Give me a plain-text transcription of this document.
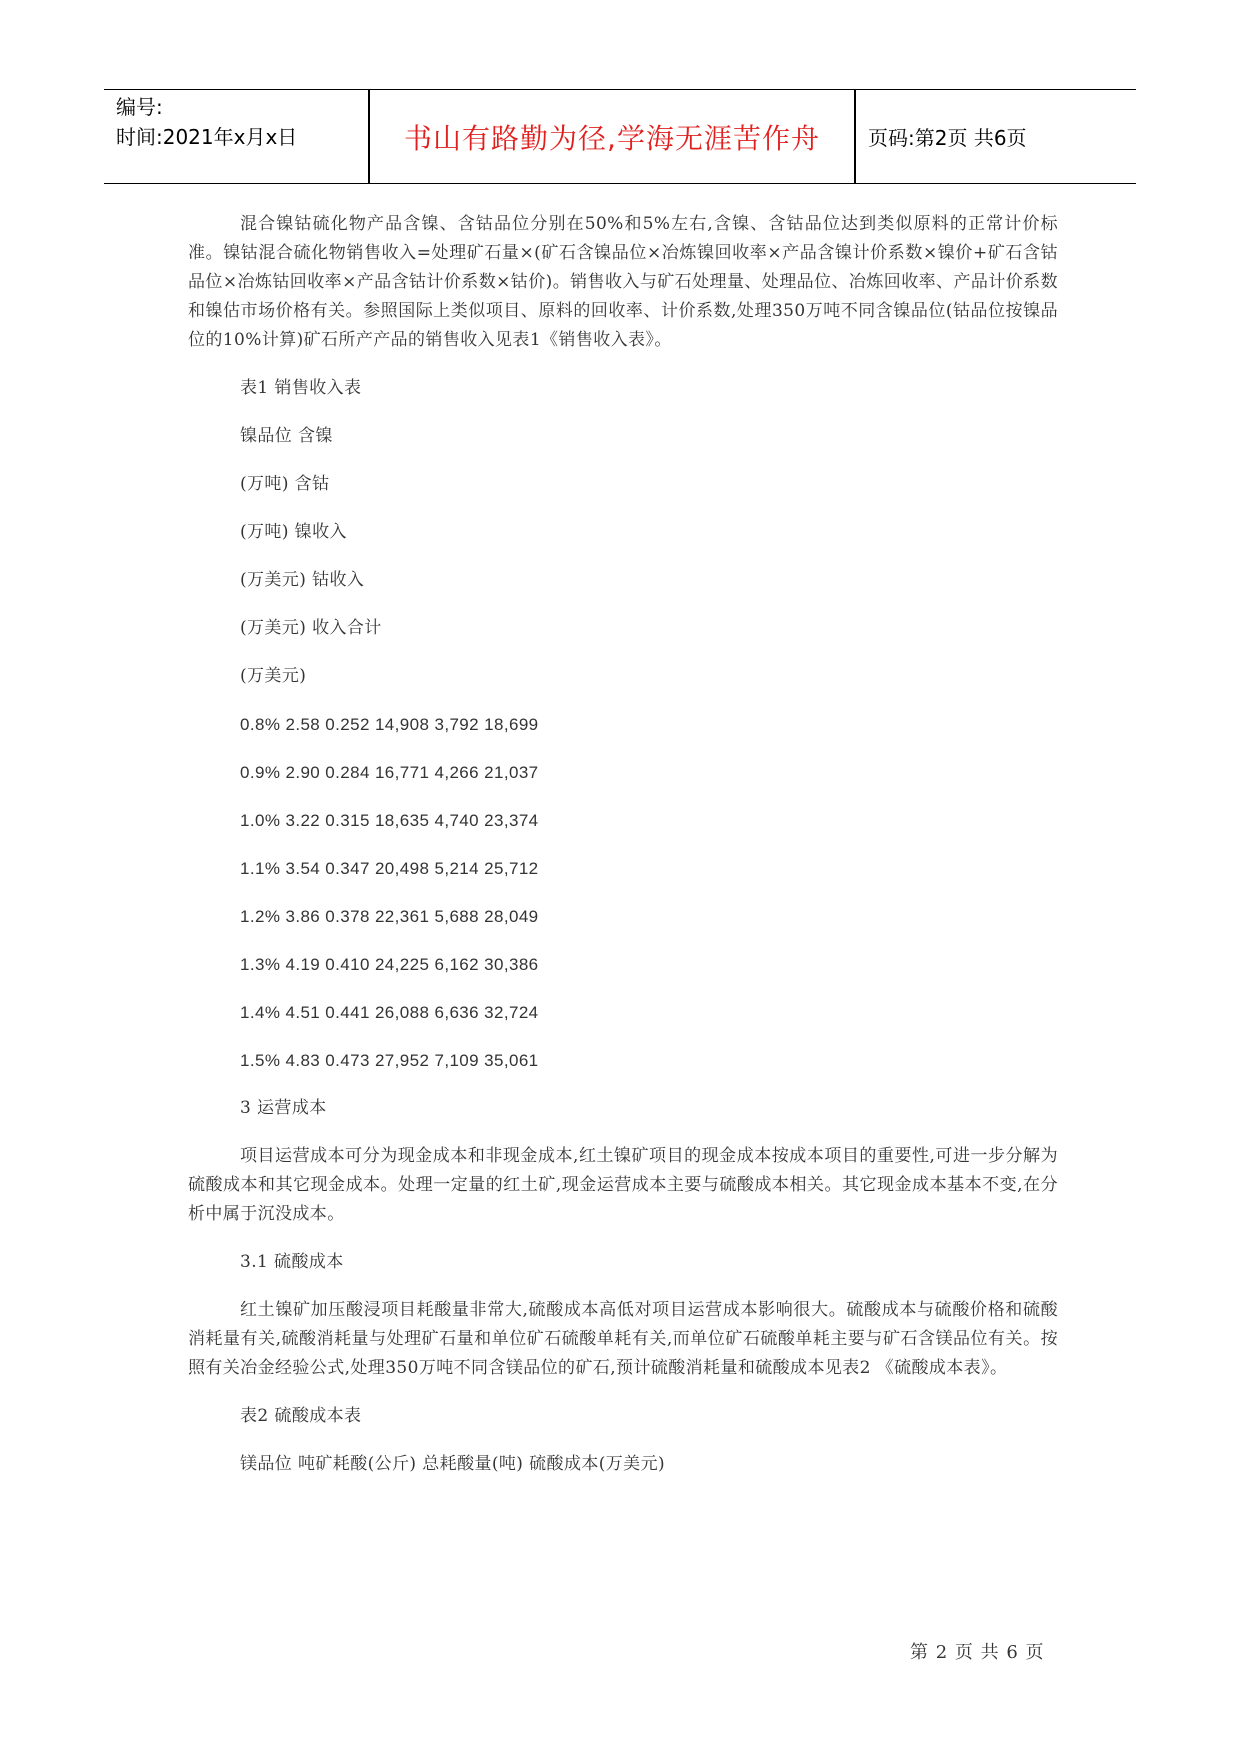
编号:
时间:2021年x月x日	书山有路勤为径,学海无涯苦作舟	页码:第2页 共6页

混合镍钴硫化物产品含镍、含钴品位分别在50%和5%左右,含镍、含钴品位达到类似原料的正常计价标准。镍钴混合硫化物销售收入=处理矿石量×(矿石含镍品位×冶炼镍回收率×产品含镍计价系数×镍价+矿石含钴品位×冶炼钴回收率×产品含钴计价系数×钴价)。销售收入与矿石处理量、处理品位、冶炼回收率、产品计价系数和镍估市场价格有关。参照国际上类似项目、原料的回收率、计价系数,处理350万吨不同含镍品位(钴品位按镍品位的10%计算)矿石所产产品的销售收入见表1《销售收入表》。

表1 销售收入表
镍品位 含镍
(万吨) 含钴
(万吨) 镍收入
(万美元) 钴收入
(万美元) 收入合计
(万美元)
0.8% 2.58 0.252 14,908 3,792 18,699
0.9% 2.90 0.284 16,771 4,266 21,037
1.0% 3.22 0.315 18,635 4,740 23,374
1.1% 3.54 0.347 20,498 5,214 25,712
1.2% 3.86 0.378 22,361 5,688 28,049
1.3% 4.19 0.410 24,225 6,162 30,386
1.4% 4.51 0.441 26,088 6,636 32,724
1.5% 4.83 0.473 27,952 7,109 35,061
3 运营成本

项目运营成本可分为现金成本和非现金成本,红土镍矿项目的现金成本按成本项目的重要性,可进一步分解为硫酸成本和其它现金成本。处理一定量的红土矿,现金运营成本主要与硫酸成本相关。其它现金成本基本不变,在分析中属于沉没成本。

3.1 硫酸成本

红土镍矿加压酸浸项目耗酸量非常大,硫酸成本高低对项目运营成本影响很大。硫酸成本与硫酸价格和硫酸消耗量有关,硫酸消耗量与处理矿石量和单位矿石硫酸单耗有关,而单位矿石硫酸单耗主要与矿石含镁品位有关。按照有关冶金经验公式,处理350万吨不同含镁品位的矿石,预计硫酸消耗量和硫酸成本见表2 《硫酸成本表》。

表2 硫酸成本表
镁品位 吨矿耗酸(公斤) 总耗酸量(吨) 硫酸成本(万美元)
第 2 页 共 6 页
